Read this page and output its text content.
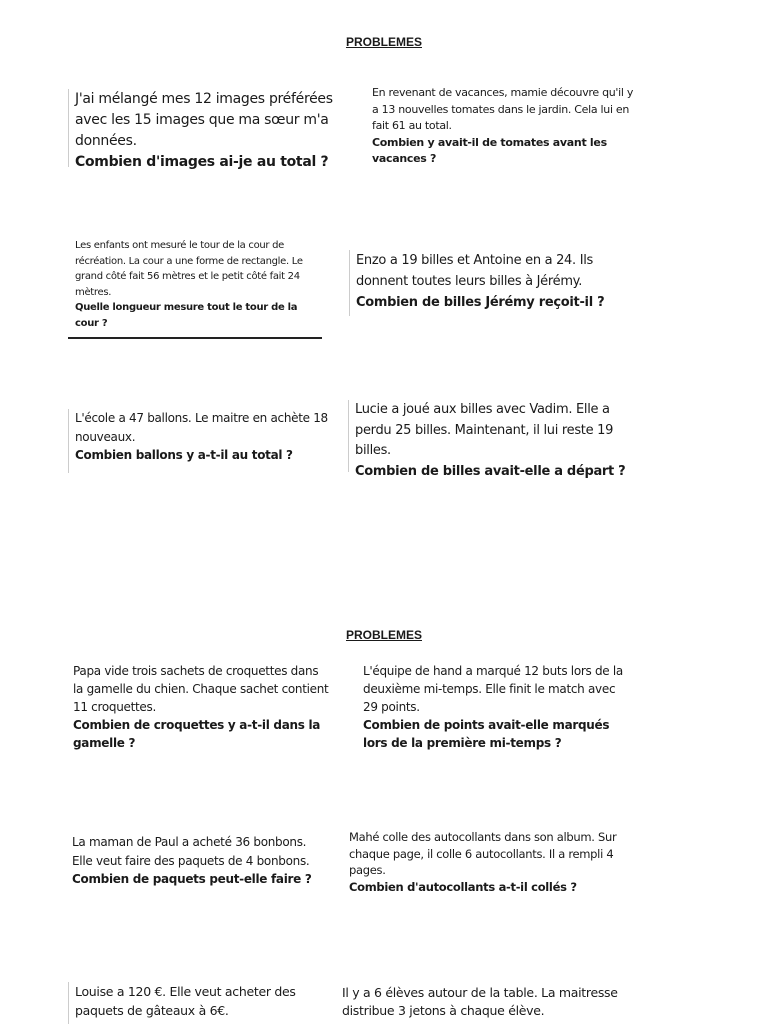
PROBLEMES
J'ai mélangé mes 12 images préférées avec les 15 images que ma sœur m'a données.
Combien d'images ai-je au total ?
En revenant de vacances, mamie découvre qu'il y a 13 nouvelles tomates dans le jardin. Cela lui en fait 61 au total.
Combien y avait-il de tomates avant les vacances ?
Les enfants ont mesuré le tour de la cour de récréation. La cour a une forme de rectangle. Le grand côté fait 56 mètres et le petit côté fait 24 mètres.
Quelle longueur mesure tout le tour de la cour ?
Enzo a 19 billes et Antoine en a 24. Ils donnent toutes leurs billes à Jérémy.
Combien de billes Jérémy reçoit-il ?
L'école a 47 ballons. Le maitre en achète 18 nouveaux.
Combien ballons y a-t-il au total ?
Lucie a joué aux billes avec Vadim. Elle a perdu 25 billes. Maintenant, il lui reste 19 billes.
Combien de billes avait-elle a départ ?
PROBLEMES
Papa vide trois sachets de croquettes dans la gamelle du chien. Chaque sachet contient 11 croquettes.
Combien de croquettes y a-t-il dans la gamelle ?
L'équipe de hand a marqué 12 buts lors de la deuxième mi-temps. Elle finit le match avec 29 points.
Combien de points avait-elle marqués lors de la première mi-temps ?
La maman de Paul a acheté 36 bonbons. Elle veut faire des paquets de 4 bonbons.
Combien de paquets peut-elle faire ?
Mahé colle des autocollants dans son album. Sur chaque page, il colle 6 autocollants. Il a rempli 4 pages.
Combien d'autocollants a-t-il collés ?
Louise a 120 €. Elle veut acheter des paquets de gâteaux à 6€.
Il y a 6 élèves autour de la table. La maitresse distribue 3 jetons à chaque élève.
